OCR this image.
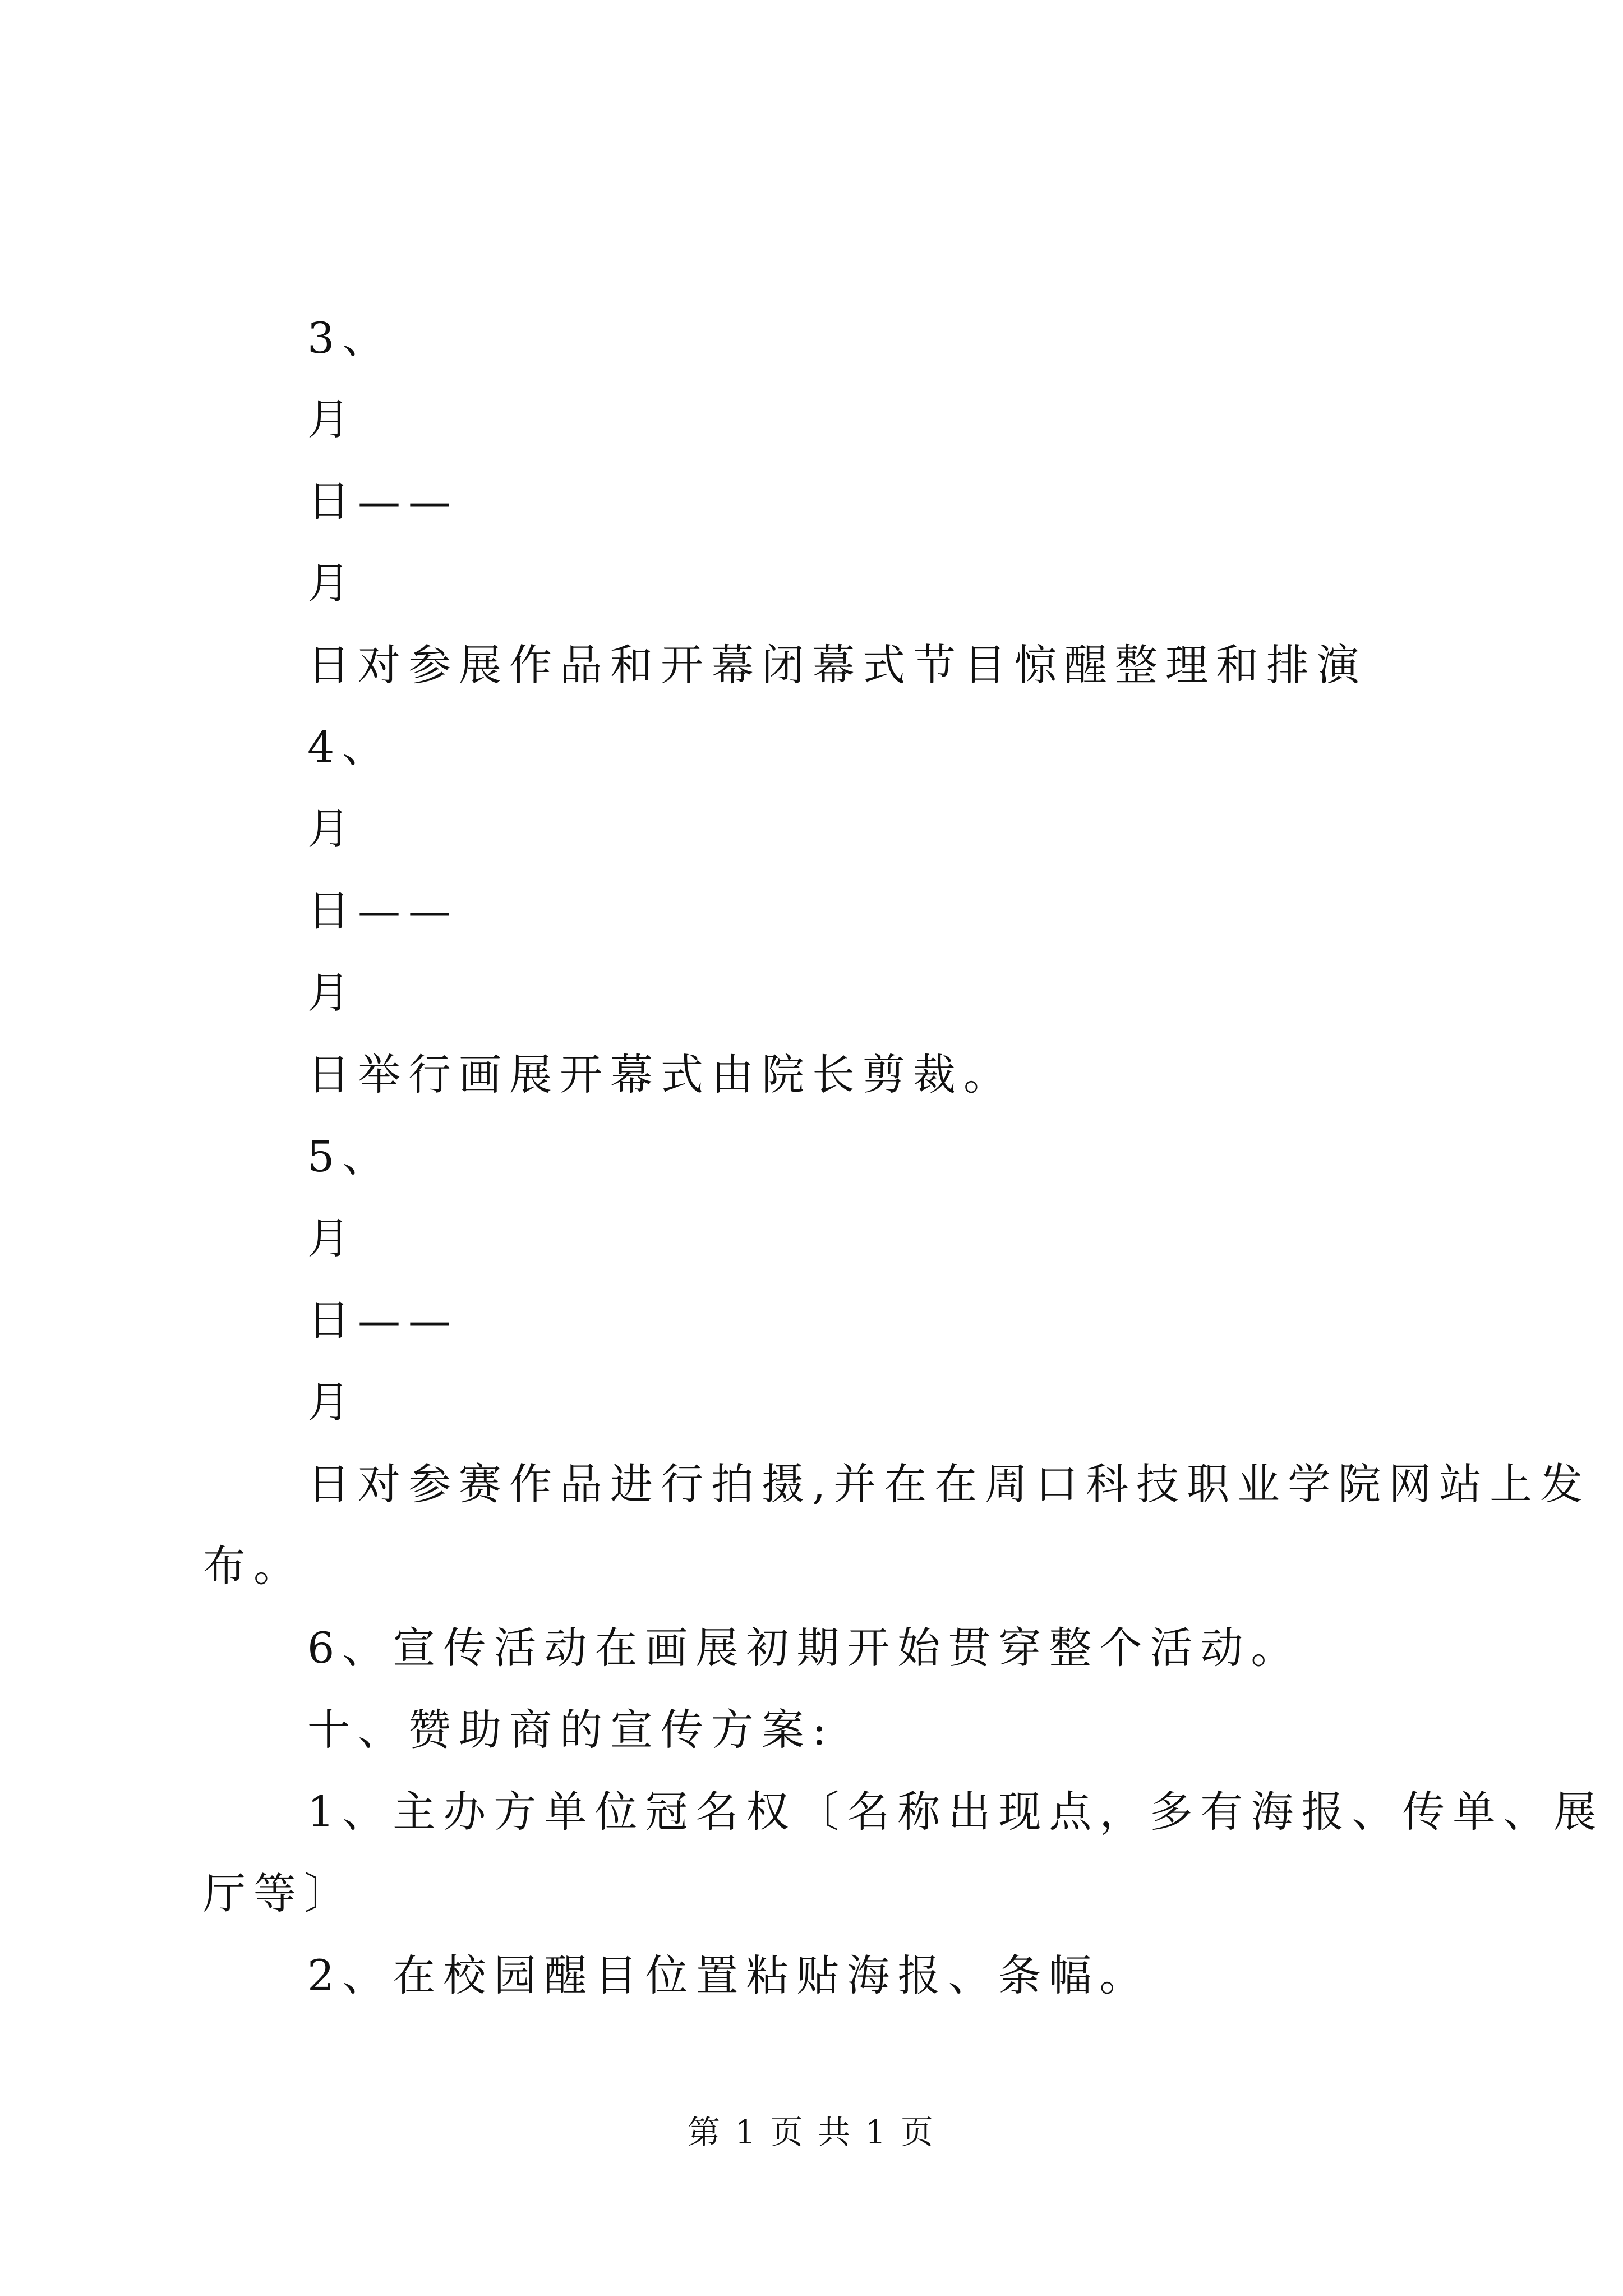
3、
月
日——
月
日对参展作品和开幕闭幕式节目惊醒整理和排演
4、
月
日——
月
日举行画展开幕式由院长剪裁。
5、
月
日——
月
日对参赛作品进行拍摄,并在在周口科技职业学院网站上发
布。
6、宣传活动在画展初期开始贯穿整个活动。
十、赞助商的宣传方案:
1、主办方单位冠名权〔名称出现点，多有海报、传单、展
厅等〕
2、在校园醒目位置粘贴海报、条幅。
第 1 页 共 1 页
